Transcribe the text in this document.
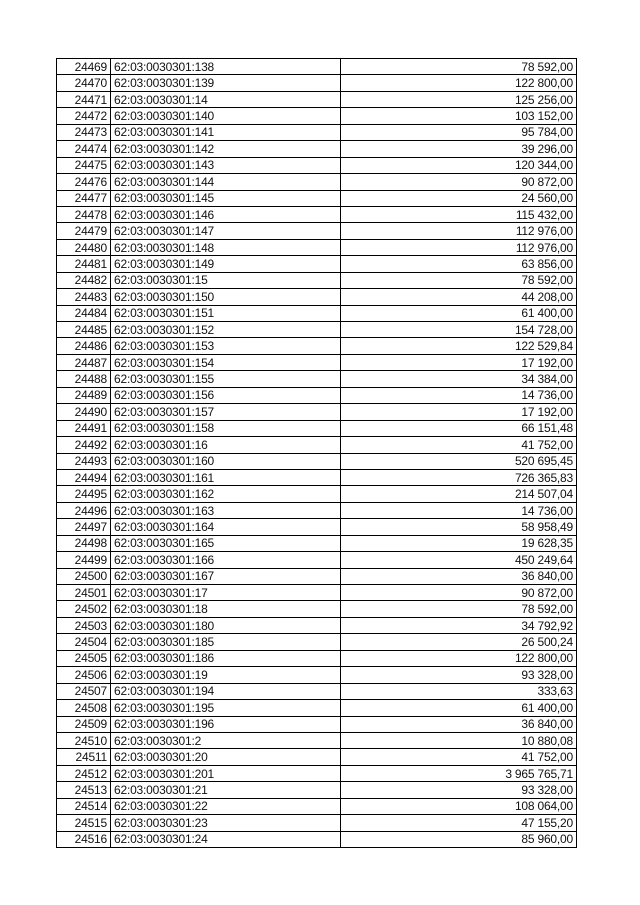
24469	62:03:0030301:138	78 592,00
24470	62:03:0030301:139	122 800,00
24471	62:03:0030301:14	125 256,00
24472	62:03:0030301:140	103 152,00
24473	62:03:0030301:141	95 784,00
24474	62:03:0030301:142	39 296,00
24475	62:03:0030301:143	120 344,00
24476	62:03:0030301:144	90 872,00
24477	62:03:0030301:145	24 560,00
24478	62:03:0030301:146	115 432,00
24479	62:03:0030301:147	112 976,00
24480	62:03:0030301:148	112 976,00
24481	62:03:0030301:149	63 856,00
24482	62:03:0030301:15	78 592,00
24483	62:03:0030301:150	44 208,00
24484	62:03:0030301:151	61 400,00
24485	62:03:0030301:152	154 728,00
24486	62:03:0030301:153	122 529,84
24487	62:03:0030301:154	17 192,00
24488	62:03:0030301:155	34 384,00
24489	62:03:0030301:156	14 736,00
24490	62:03:0030301:157	17 192,00
24491	62:03:0030301:158	66 151,48
24492	62:03:0030301:16	41 752,00
24493	62:03:0030301:160	520 695,45
24494	62:03:0030301:161	726 365,83
24495	62:03:0030301:162	214 507,04
24496	62:03:0030301:163	14 736,00
24497	62:03:0030301:164	58 958,49
24498	62:03:0030301:165	19 628,35
24499	62:03:0030301:166	450 249,64
24500	62:03:0030301:167	36 840,00
24501	62:03:0030301:17	90 872,00
24502	62:03:0030301:18	78 592,00
24503	62:03:0030301:180	34 792,92
24504	62:03:0030301:185	26 500,24
24505	62:03:0030301:186	122 800,00
24506	62:03:0030301:19	93 328,00
24507	62:03:0030301:194	333,63
24508	62:03:0030301:195	61 400,00
24509	62:03:0030301:196	36 840,00
24510	62:03:0030301:2	10 880,08
24511	62:03:0030301:20	41 752,00
24512	62:03:0030301:201	3 965 765,71
24513	62:03:0030301:21	93 328,00
24514	62:03:0030301:22	108 064,00
24515	62:03:0030301:23	47 155,20
24516	62:03:0030301:24	85 960,00
